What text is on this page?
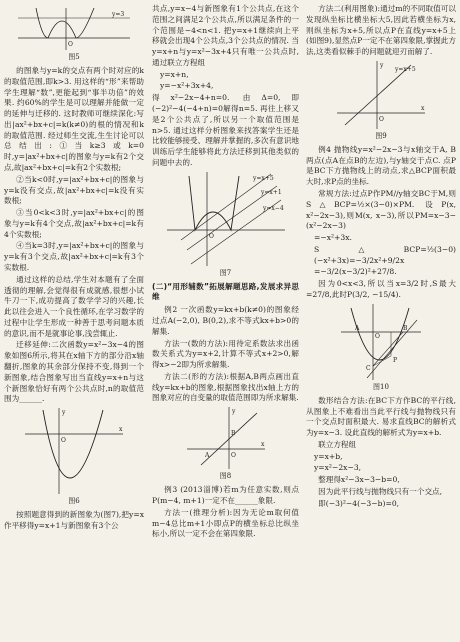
y=3
O

图5

的图象与y=k的交点有两个时对应的k的取值范围,即k>3. 用这样的“形”来帮助学生理解“数”,更能起到“事半功倍”的效果. 约60%的学生是可以理解并能做一定的延伸与迁移的. 这时教师可继续深化:写出|ax²+bx+c|=k(k≠0)的根的情况和k的取值范围. 经过师生交流,生生讨论可以总结出:①当k≥3或k=0时,y=|ax²+bx+c|的图象与y=k有2个交点,故|ax²+bx+c|=k有2个实数根;

②当k<0时,y=|ax²+bx+c|的图象与y=k没有交点,故|ax²+bx+c|=k没有实数根;

③当0<k<3时,y=|ax²+bx+c|的图象与y=k有4个交点,故|ax²+bx+c|=k有4个实数根;

④当k=3时,y=|ax²+bx+c|的图象与y=k有3个交点,故|ax²+bx+c|=k有3个实数根.

通过这样的总结,学生对本题有了全面透彻的理解,会觉得很有成就感,很想小试牛刀一下,成功提高了数学学习的兴趣,长此以往会进入一个良性循环,在学习数学的过程中让学生形成一种善于思考问题本质的意识,而不是就事论事,浅尝辄止.

迁移延伸:二次函数y=x²−3x−4的图象如图6所示,将其在x轴下方的部分沿x轴翻折,图象的其余部分保持不变,得到一个新图象,结合图象写出当直线y=x+n与这个新图象恰好有两个公共点时,n的取值范围为______.

O
x
y

图6

按照题意得到的新图象为(图7),把y=x作平移得y=x+1与新图象有3个公

共点,y=x−4与新图象有1个公共点,在这个范围之间满足2个公共点,所以满足条件的一个范围是−4<n<1. 把y=x+1继续向上平移就会出现4个公共点,3个公共点的情况. 当y=x+n与y=x²−3x+4只有唯一公共点时,通过联立方程组

y=x+n,

y=−x²+3x+4,

得x²−2x−4+n=0. 由Δ=0,即(−2)²−4(−4+n)=0解得n=5. 再往上移又是2个公共点了,所以另一个取值范围是n>5. 通过这样分析图象来找答案学生还是比较能够接受、理解并掌握的,多次有意识地训练后学生能够将此方法迁移到其他类似的问题中去的.

y=x+5
y=x+1
y=x−4
O

图7

(二)“用形辅数”拓展解题思路,发展求异思维

例2 一次函数y=kx+b(k≠0)的图象经过点A(−2,0), B(0,2),求不等式kx+b>0的解集.

方法一(数的方法):用待定系数法求出函数关系式为y=x+2,计算不等式x+2>0,解得x>−2即为所求解集.

方法二(形的方法):根据A,B两点画出直线y=kx+b的图象,根据图象找出x轴上方的图象对应的自变量的取值范围即为所求解集.

A
B
O
x
y

图8

例3 (2013淄博)若m为任意实数,则点P(m−4, m+1)一定不在______象限.

方法一(推理分析):因为无论m取何值m−4总比m+1小即点P的横坐标总比纵坐标小,所以一定不会在第四象限.

方法二(利用图象):通过m的不同取值可以发现纵坐标比横坐标大5,因此若横坐标为x,则纵坐标为x+5,所以点P在直线y=x+5上(如图9),显然点P一定不在第四象限,掌握此方法,这类看似棘手的问题就迎刃而解了.

y=x+5
O
x
y

图9

例4 抛物线y=x²−2x−3与x轴交于A, B两点(点A在点B的左边),与y轴交于点C. 点P是BC下方抛物线上的动点,求△BCP面积最大时,求P点的坐标.

常规方法:过点P作PM//y轴交BC于M,则S△BCP=½×(3−0)×PM. 设P(x, x²−2x−3),则M(x, x−3),所以PM=x−3−(x²−2x−3)

=−x²+3x.

S△BCP=½(3−0)(−x²+3x)=−3/2x²+9/2x

=−3/2(x−3/2)²+27/8.

因为0<x<3,所以当x=3/2时,S最大=27/8,此时P(3/2, −15/4).

A	B
C
P
O

图10

数形结合方法:在BC下方作BC的平行线,从图象上不难看出当此平行线与抛物线只有一个交点时面积最大. 易求直线BC的解析式为y=x−3. 设此直线的解析式为y=x+b.

联立方程组

y=x+b,

y=x²−2x−3,

整理得x²−3x−3−b=0,

因为此平行线与抛物线只有一个交点,

即(−3)²−4(−3−b)=0,
